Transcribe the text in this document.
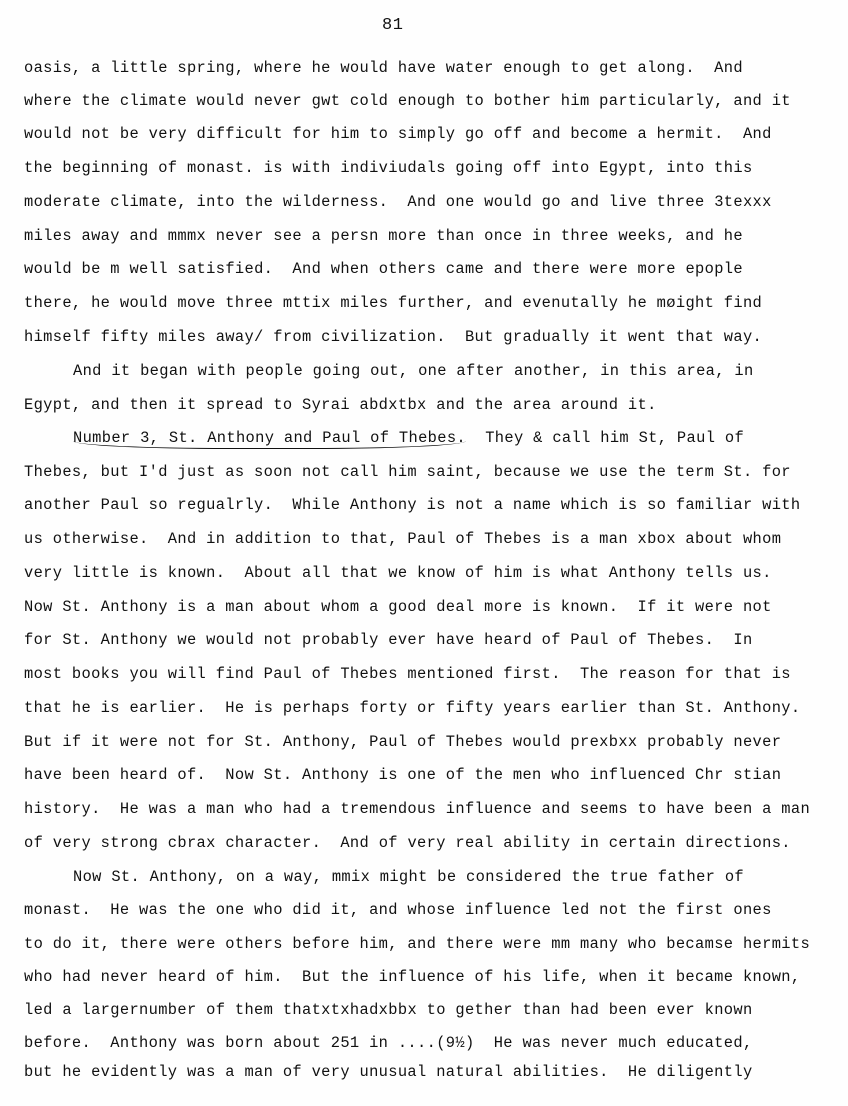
81
oasis, a little spring, where he would have water enough to get along.  And
where the climate would never gwt cold enough to bother him particularly, and it
would not be very difficult for him to simply go off and become a hermit.  And
the beginning of monast. is with indiviudals going off into Egypt, into this
moderate climate, into the wilderness.  And one would go and live three 3texxx
miles away and mmmx never see a persn more than once in three weeks, and he
would be m well satisfied.  And when others came and there were more epople
there, he would move three mttix miles further, and evenutally he møight find
himself fifty miles away/ from civilization.  But gradually it went that way.
And it began with people going out, one after another, in this area, in
Egypt, and then it spread to Syrai abdxtbx and the area around it.
Number 3, St. Anthony and Paul of Thebes.  They & call him St, Paul of
Thebes, but I'd just as soon not call him saint, because we use the term St. for
another Paul so regualrly.  While Anthony is not a name which is so familiar with
us otherwise.  And in addition to that, Paul of Thebes is a man xbox about whom
very little is known.  About all that we know of him is what Anthony tells us.
Now St. Anthony is a man about whom a good deal more is known.  If it were not
for St. Anthony we would not probably ever have heard of Paul of Thebes.  In
most books you will find Paul of Thebes mentioned first.  The reason for that is
that he is earlier.  He is perhaps forty or fifty years earlier than St. Anthony.
But if it were not for St. Anthony, Paul of Thebes would prexbxx probably never
have been heard of.  Now St. Anthony is one of the men who influenced Chr stian
history.  He was a man who had a tremendous influence and seems to have been a man
of very strong cbrax character.  And of very real ability in certain directions.
Now St. Anthony, on a way, mmix might be considered the true father of
monast.  He was the one who did it, and whose influence led not the first ones
to do it, there were others before him, and there were mm many who becamse hermits
who had never heard of him.  But the influence of his life, when it became known,
led a largernumber of them thatxtxhadxbbx to gether than had been ever known
before.  Anthony was born about 251 in ....(9½)  He was never much educated,
but he evidently was a man of very unusual natural abilities.  He diligently
